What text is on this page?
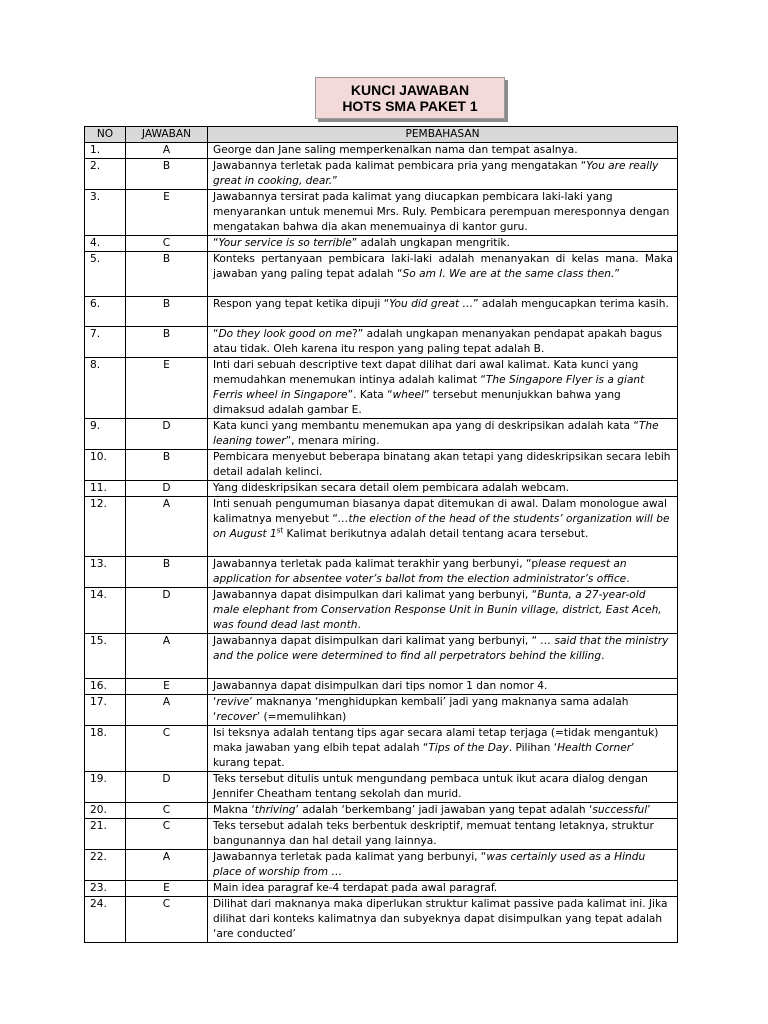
KUNCI JAWABAN
HOTS SMA PAKET 1
NO	JAWABAN	PEMBAHASAN
1.	A	George dan Jane saling memperkenalkan nama dan tempat asalnya.
2.	B	Jawabannya terletak pada kalimat pembicara pria yang mengatakan “You are really great in cooking, dear.”
3.	E	Jawabannya tersirat pada kalimat yang diucapkan pembicara laki-laki yang menyarankan untuk menemui Mrs. Ruly. Pembicara perempuan meresponnya dengan mengatakan bahwa dia akan menemuainya di kantor guru.
4.	C	“Your service is so terrible” adalah ungkapan mengritik.
5.	B	Konteks pertanyaan pembicara laki-laki adalah menanyakan di kelas mana. Maka jawaban yang paling tepat adalah “So am I. We are at the same class then.”
6.	B	Respon yang tepat ketika dipuji “You did great …” adalah mengucapkan terima kasih.
7.	B	“Do they look good on me?” adalah ungkapan menanyakan pendapat apakah bagus atau tidak. Oleh karena itu respon yang paling tepat adalah B.
8.	E	Inti dari sebuah descriptive text dapat dilihat dari awal kalimat. Kata kunci yang memudahkan menemukan intinya adalah kalimat “The Singapore Flyer is a giant Ferris wheel in Singapore”. Kata “wheel” tersebut menunjukkan bahwa yang dimaksud adalah gambar E.
9.	D	Kata kunci yang membantu menemukan apa yang di deskripsikan adalah kata “The leaning tower”, menara miring.
10.	B	Pembicara menyebut beberapa binatang akan tetapi yang dideskripsikan secara lebih detail adalah kelinci.
11.	D	Yang dideskripsikan secara detail olem pembicara adalah webcam.
12.	A	Inti senuah pengumuman biasanya dapat ditemukan di awal. Dalam monologue awal kalimatnya menyebut “…the election of the head of the students’ organization will be on August 1st Kalimat berikutnya adalah detail tentang acara tersebut.
13.	B	Jawabannya terletak pada kalimat terakhir yang berbunyi, “please request an application for absentee voter’s ballot from the election administrator’s office.
14.	D	Jawabannya dapat disimpulkan dari kalimat yang berbunyi, “Bunta, a 27-year-old male elephant from Conservation Response Unit in Bunin village, district, East Aceh, was found dead last month.
15.	A	Jawabannya dapat disimpulkan dari kalimat yang berbunyi, “ … said that the ministry and the police were determined to find all perpetrators behind the killing.
16.	E	Jawabannya dapat disimpulkan dari tips nomor 1 dan nomor 4.
17.	A	‘revive’ maknanya ‘menghidupkan kembali’ jadi yang maknanya sama adalah ‘recover’ (=memulihkan)
18.	C	Isi teksnya adalah tentang tips agar secara alami tetap terjaga (=tidak mengantuk) maka jawaban yang elbih tepat adalah “Tips of the Day. Pilihan ‘Health Corner’ kurang tepat.
19.	D	Teks tersebut ditulis untuk mengundang pembaca untuk ikut acara dialog dengan Jennifer Cheatham tentang sekolah dan murid.
20.	C	Makna ‘thriving’ adalah ‘berkembang’ jadi jawaban yang tepat adalah ‘successful’
21.	C	Teks tersebut adalah teks berbentuk deskriptif, memuat tentang letaknya, struktur bangunannya dan hal detail yang lainnya.
22.	A	Jawabannya terletak pada kalimat yang berbunyi, “was certainly used as a Hindu place of worship from …
23.	E	Main idea paragraf ke-4 terdapat pada awal paragraf.
24.	C	Dilihat dari maknanya maka diperlukan struktur kalimat passive pada kalimat ini. Jika dilihat dari konteks kalimatnya dan subyeknya dapat disimpulkan yang tepat adalah ‘are conducted’
